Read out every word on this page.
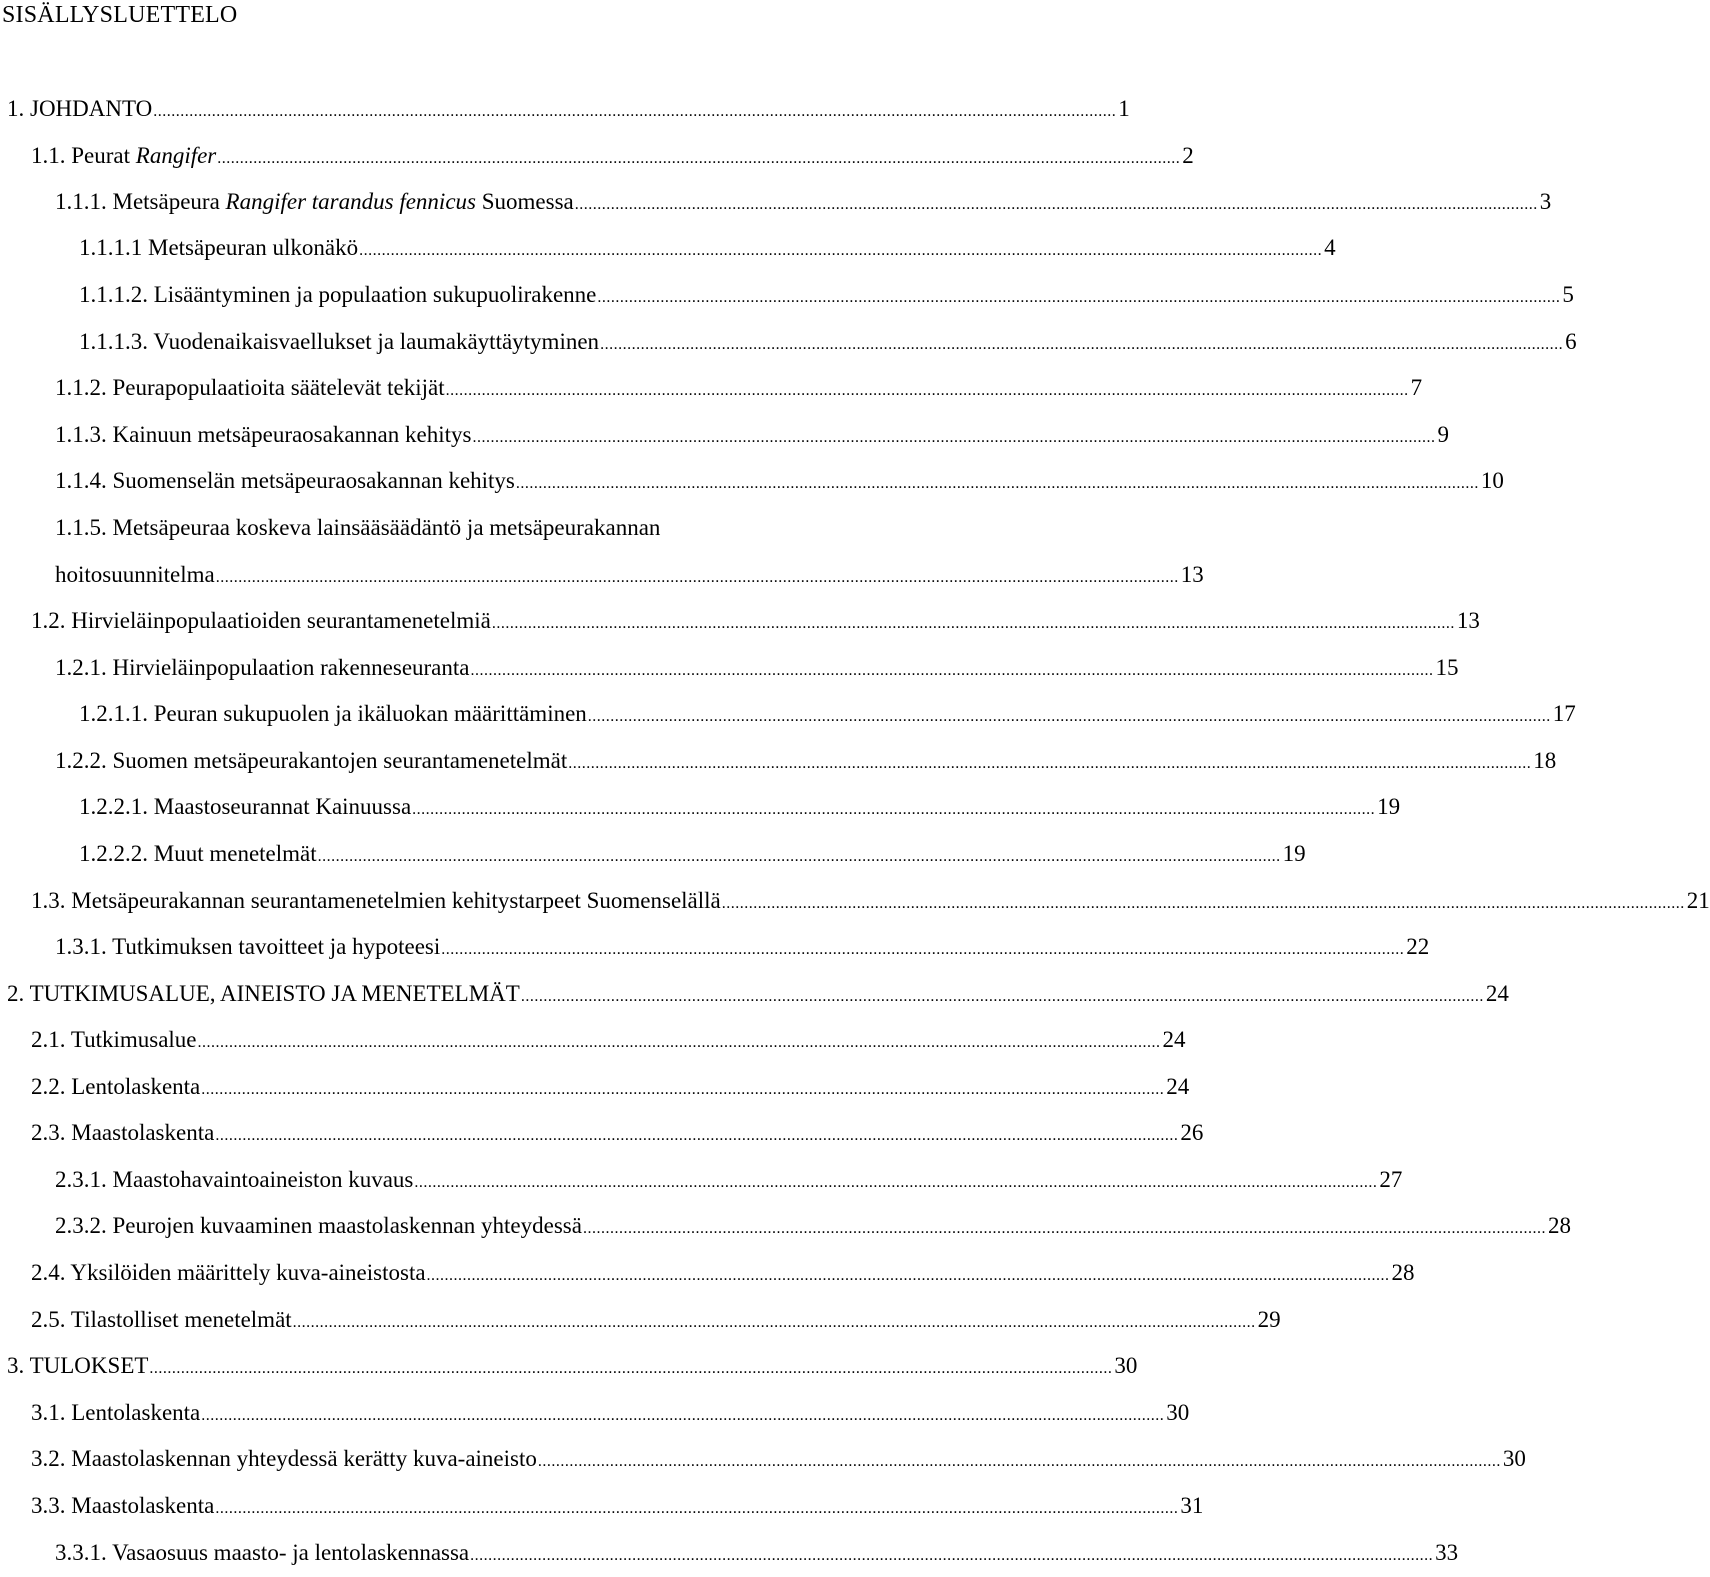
SISÄLLYSLUETTELO
1. JOHDANTO .....	1
1.1. Peurat Rangifer .....	2
1.1.1. Metsäpeura Rangifer tarandus fennicus Suomessa .....	3
1.1.1.1 Metsäpeuran ulkonäkö .....	4
1.1.1.2. Lisääntyminen ja populaation sukupuolirakenne .....	5
1.1.1.3. Vuodenaikaisvaellukset ja laumakäyttäytyminen .....	6
1.1.2. Peurapopulaatioita säätelevät tekijät .....	7
1.1.3. Kainuun metsäpeuraosakannan kehitys .....	9
1.1.4. Suomenselän metsäpeuraosakannan kehitys .....	10
1.1.5. Metsäpeuraa koskeva lainsääsäädäntö ja metsäpeurakannan
hoitosuunnitelma .....	13
1.2. Hirvieläinpopulaatioiden seurantamenetelmiä .....	13
1.2.1. Hirvieläinpopulaation rakenneseuranta .....	15
1.2.1.1. Peuran sukupuolen ja ikäluokan määrittäminen .....	17
1.2.2. Suomen metsäpeurakantojen seurantamenetelmät .....	18
1.2.2.1. Maastoseurannat Kainuussa .....	19
1.2.2.2. Muut menetelmät .....	19
1.3. Metsäpeurakannan seurantamenetelmien kehitystarpeet Suomenselällä .....	21
1.3.1. Tutkimuksen tavoitteet ja hypoteesi .....	22
2. TUTKIMUSALUE, AINEISTO JA MENETELMÄT .....	24
2.1. Tutkimusalue .....	24
2.2. Lentolaskenta .....	24
2.3. Maastolaskenta .....	26
2.3.1. Maastohavaintoaineiston kuvaus .....	27
2.3.2. Peurojen kuvaaminen maastolaskennan yhteydessä .....	28
2.4. Yksilöiden määrittely kuva-aineistosta .....	28
2.5. Tilastolliset menetelmät .....	29
3. TULOKSET .....	30
3.1. Lentolaskenta .....	30
3.2. Maastolaskennan yhteydessä kerätty kuva-aineisto .....	30
3.3. Maastolaskenta .....	31
3.3.1. Vasaosuus maasto- ja lentolaskennassa .....	33
